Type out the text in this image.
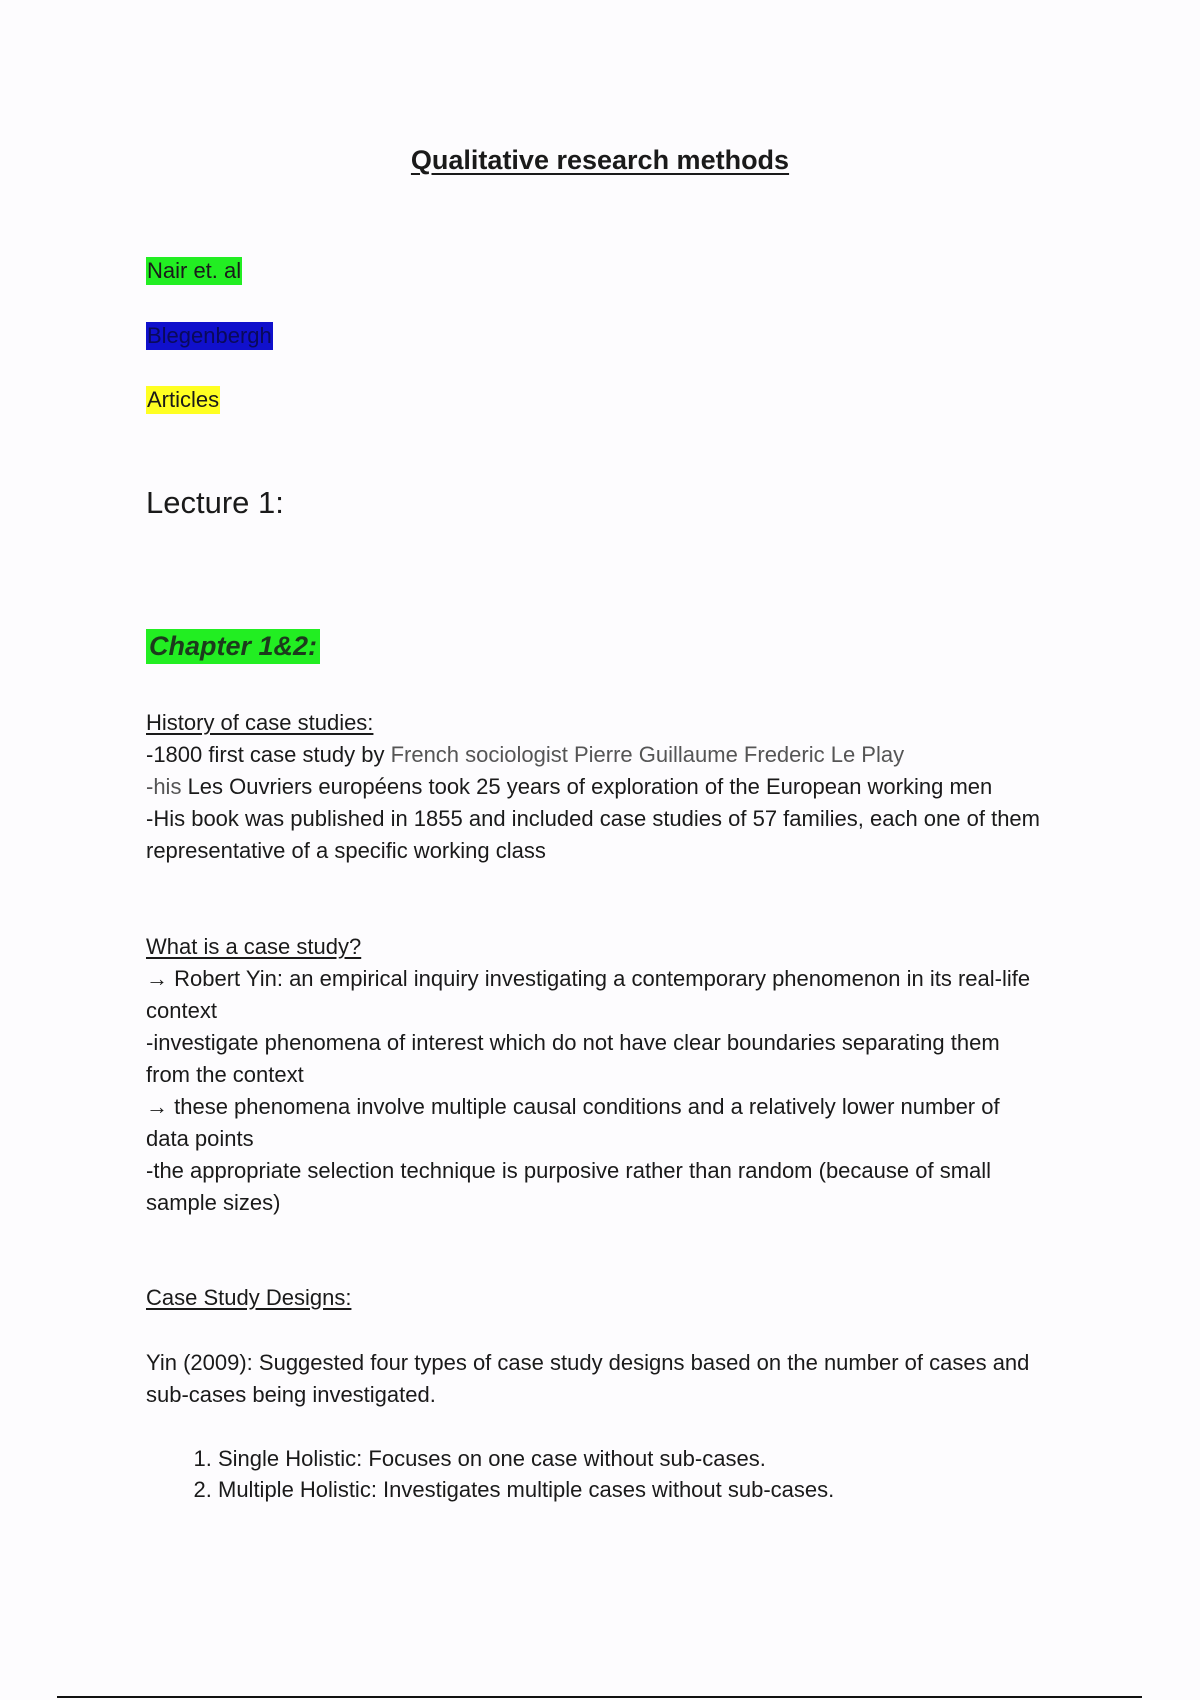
Qualitative research methods
Nair et. al
Blegenbergh
Articles
Lecture 1:
Chapter 1&2:

History of case studies:

-1800 first case study by French sociologist Pierre Guillaume Frederic Le Play

-his Les Ouvriers européens took 25 years of exploration of the European working men

-His book was published in 1855 and included case studies of 57 families, each one of them representative of a specific working class

What is a case study?

→ Robert Yin: an empirical inquiry investigating a contemporary phenomenon in its real-life context

-investigate phenomena of interest which do not have clear boundaries separating them from the context

→ these phenomena involve multiple causal conditions and a relatively lower number of data points

-the appropriate selection technique is purposive rather than random (because of small sample sizes)

Case Study Designs:

Yin (2009): Suggested four types of case study designs based on the number of cases and sub-cases being investigated.

1. Single Holistic: Focuses on one case without sub-cases.
2. Multiple Holistic: Investigates multiple cases without sub-cases.
